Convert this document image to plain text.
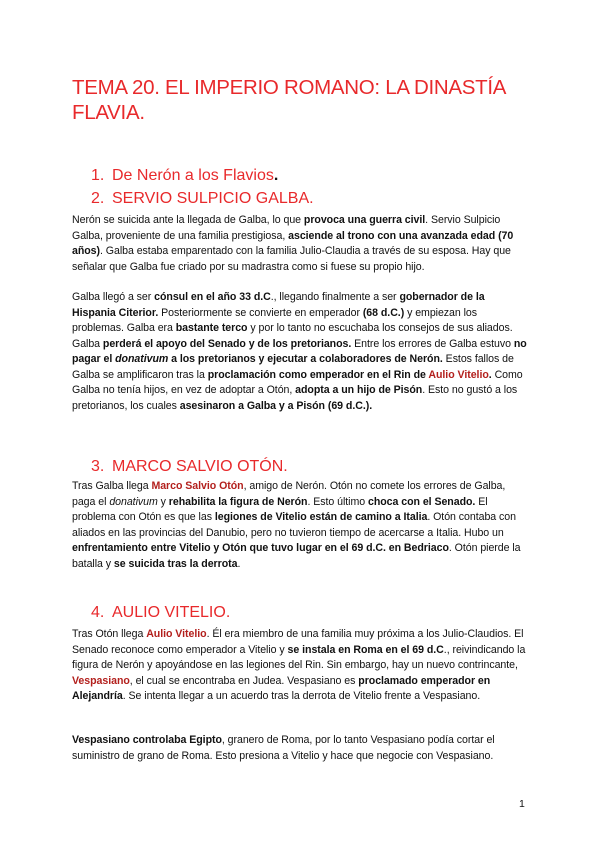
TEMA 20. EL IMPERIO ROMANO: LA DINASTÍA FLAVIA.
1. De Nerón a los Flavios.
2. SERVIO SULPICIO GALBA.
Nerón se suicida ante la llegada de Galba, lo que provoca una guerra civil. Servio Sulpicio Galba, proveniente de una familia prestigiosa, asciende al trono con una avanzada edad (70 años). Galba estaba emparentado con la familia Julio-Claudia a través de su esposa. Hay que señalar que Galba fue criado por su madrastra como si fuese su propio hijo.
Galba llegó a ser cónsul en el año 33 d.C., llegando finalmente a ser gobernador de la Hispania Citerior. Posteriormente se convierte en emperador (68 d.C.) y empiezan los problemas. Galba era bastante terco y por lo tanto no escuchaba los consejos de sus aliados. Galba perderá el apoyo del Senado y de los pretorianos. Entre los errores de Galba estuvo no pagar el donativum a los pretorianos y ejecutar a colaboradores de Nerón. Estos fallos de Galba se amplificaron tras la proclamación como emperador en el Rin de Aulio Vitelio. Como Galba no tenía hijos, en vez de adoptar a Otón, adopta a un hijo de Pisón. Esto no gustó a los pretorianos, los cuales asesinaron a Galba y a Pisón (69 d.C.).
3. MARCO SALVIO OTÓN.
Tras Galba llega Marco Salvio Otón, amigo de Nerón. Otón no comete los errores de Galba, paga el donativum y rehabilita la figura de Nerón. Esto último choca con el Senado. El problema con Otón es que las legiones de Vitelio están de camino a Italia. Otón contaba con aliados en las provincias del Danubio, pero no tuvieron tiempo de acercarse a Italia. Hubo un enfrentamiento entre Vitelio y Otón que tuvo lugar en el 69 d.C. en Bedriaco. Otón pierde la batalla y se suicida tras la derrota.
4. AULIO VITELIO.
Tras Otón llega Aulio Vitelio. Él era miembro de una familia muy próxima a los Julio-Claudios. El Senado reconoce como emperador a Vitelio y se instala en Roma en el 69 d.C., reivindicando la figura de Nerón y apoyándose en las legiones del Rin. Sin embargo, hay un nuevo contrincante, Vespasiano, el cual se encontraba en Judea. Vespasiano es proclamado emperador en Alejandría. Se intenta llegar a un acuerdo tras la derrota de Vitelio frente a Vespasiano.
Vespasiano controlaba Egipto, granero de Roma, por lo tanto Vespasiano podía cortar el suministro de grano de Roma. Esto presiona a Vitelio y hace que negocie con Vespasiano.
1
